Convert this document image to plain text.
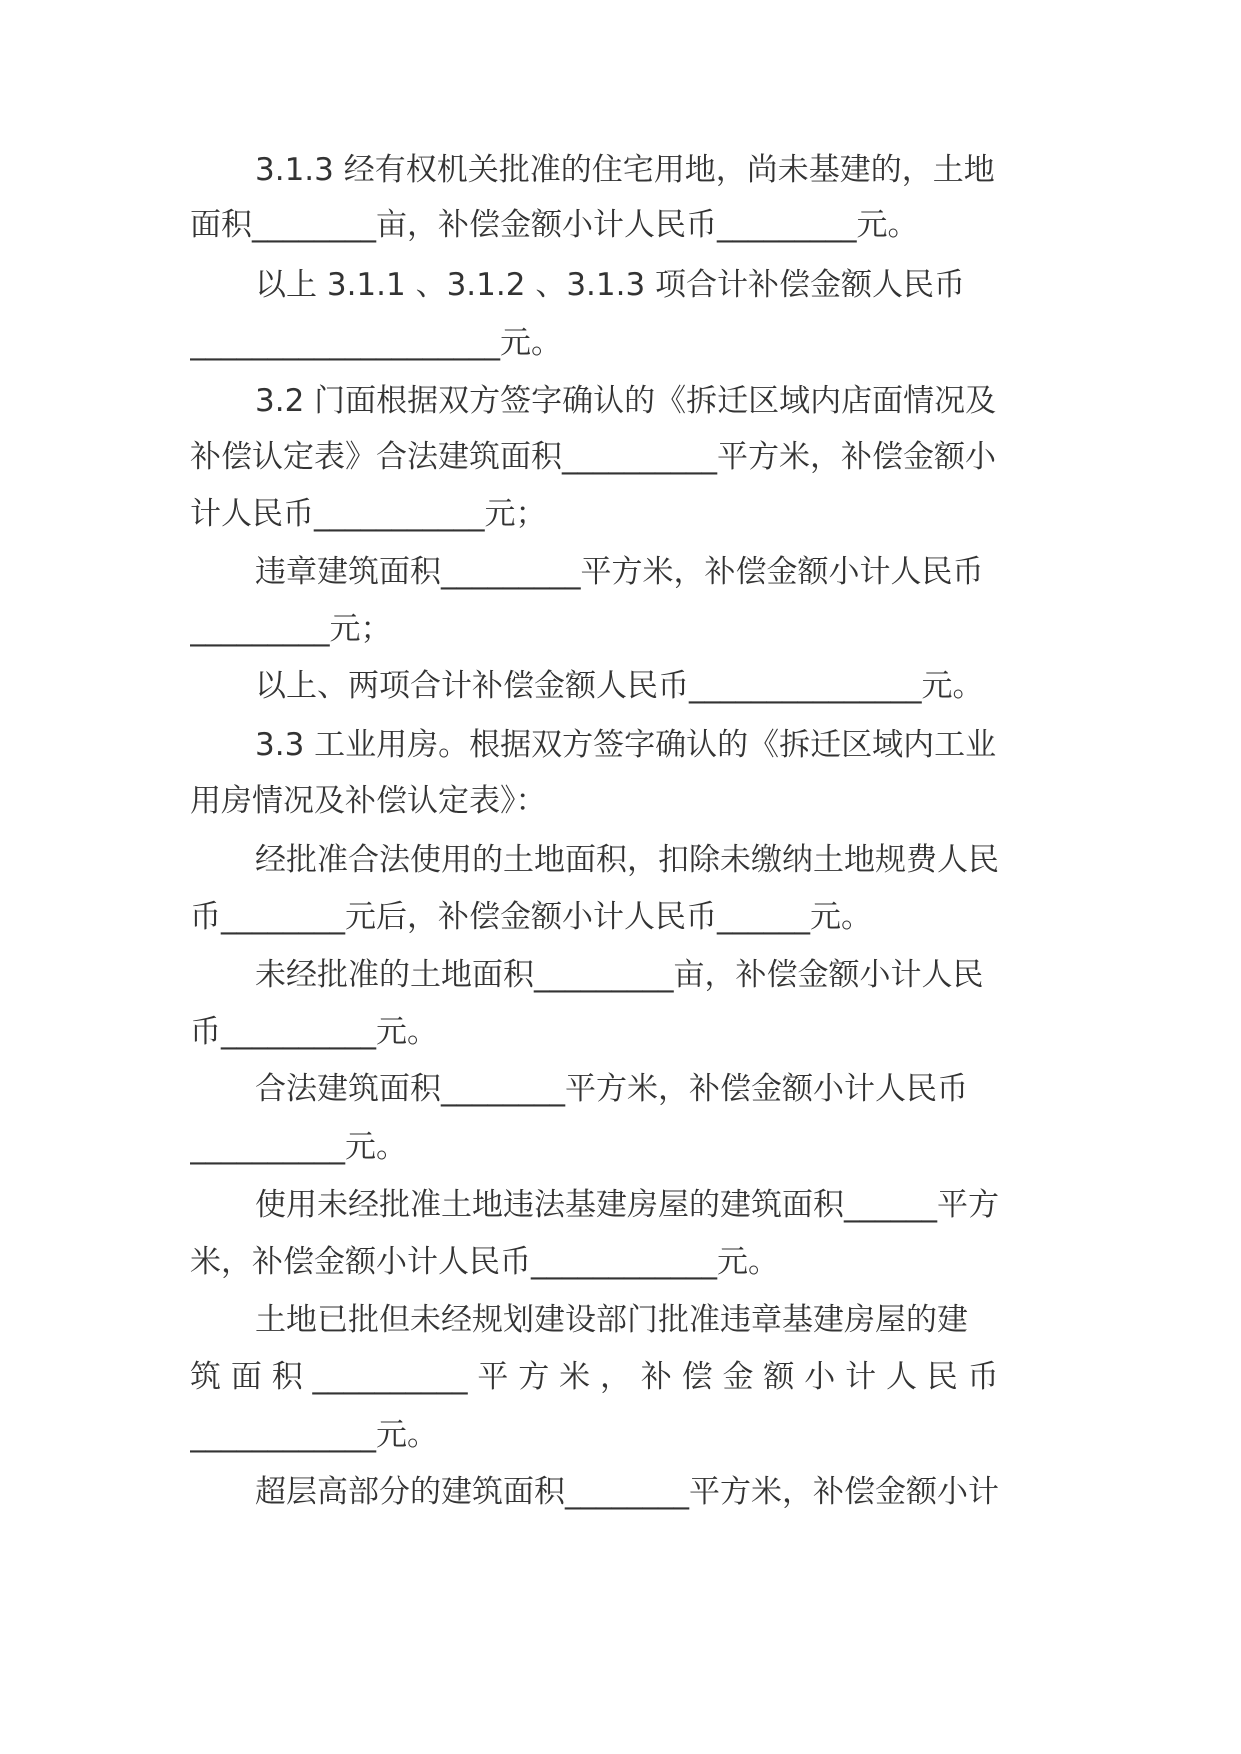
3.1.3 经有权机关批准的住宅用地，尚未基建的，土地
面积________亩，补偿金额小计人民币_________元。
以上 3.1.1 、3.1.2 、3.1.3 项合计补偿金额人民币
____________________元。
3.2 门面根据双方签字确认的《拆迁区域内店面情况及
补偿认定表》合法建筑面积__________平方米，补偿金额小
计人民币___________元；
违章建筑面积_________平方米，补偿金额小计人民币
_________元；
以上、两项合计补偿金额人民币_______________元。
3.3 工业用房。根据双方签字确认的《拆迁区域内工业
用房情况及补偿认定表》：
经批准合法使用的土地面积，扣除未缴纳土地规费人民
币________元后，补偿金额小计人民币______元。
未经批准的土地面积_________亩，补偿金额小计人民
币__________元。
合法建筑面积________平方米，补偿金额小计人民币
__________元。
使用未经批准土地违法基建房屋的建筑面积______平方
米，补偿金额小计人民币____________元。
土地已批但未经规划建设部门批准违章基建房屋的建
筑 面 积 __________ 平 方 米 ， 补 偿 金 额 小 计 人 民 币
____________元。
超层高部分的建筑面积________平方米，补偿金额小计
